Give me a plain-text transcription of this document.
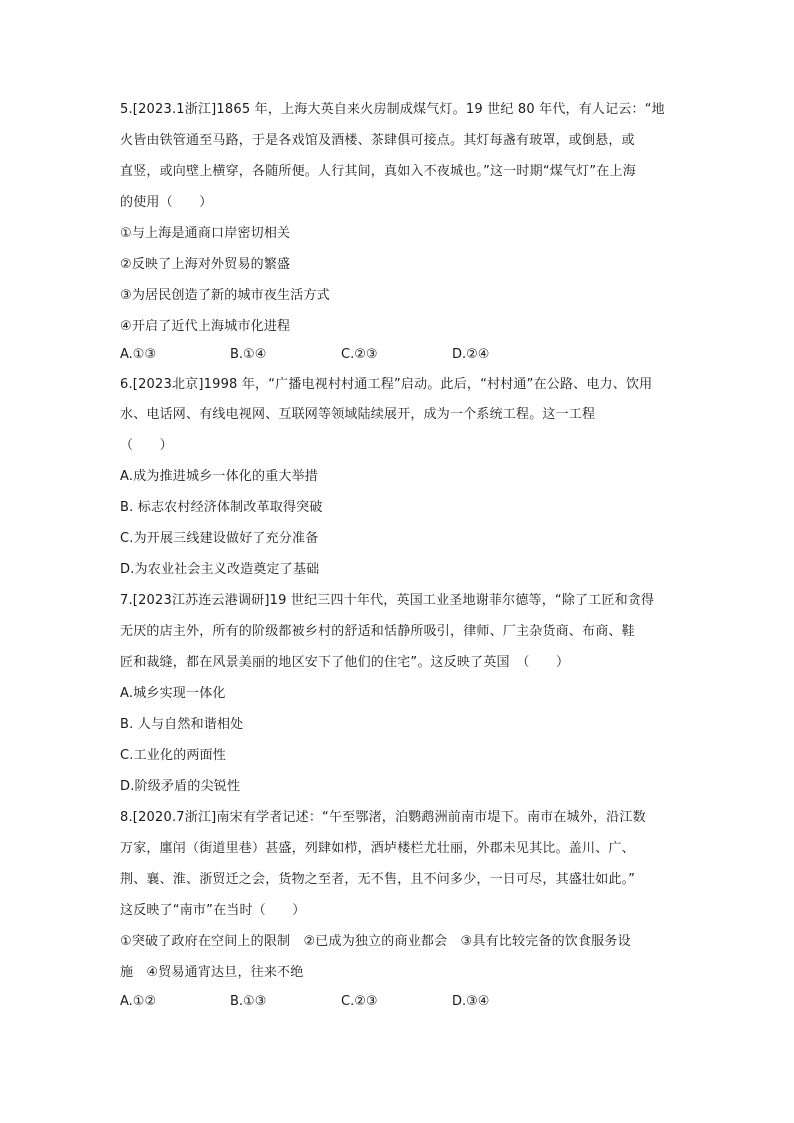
5.[2023.1浙江]1865 年，上海大英自来火房制成煤气灯。19 世纪 80 年代，有人记云：“地
火皆由铁管通至马路，于是各戏馆及酒楼、茶肆俱可接点。其灯每盏有玻罩，或倒悬，或
直竖，或向壁上横穿，各随所便。人行其间，真如入不夜城也。”这一时期“煤气灯”在上海
的使用（　　）
①与上海是通商口岸密切相关
②反映了上海对外贸易的繁盛
③为居民创造了新的城市夜生活方式
④开启了近代上海城市化进程
A.①③	B.①④	C.②③	D.②④
6.[2023北京]1998 年，“广播电视村村通工程”启动。此后，“村村通”在公路、电力、饮用
水、电话网、有线电视网、互联网等领域陆续展开，成为一个系统工程。这一工程
（　　）
A.成为推进城乡一体化的重大举措
B. 标志农村经济体制改革取得突破
C.为开展三线建设做好了充分准备
D.为农业社会主义改造奠定了基础
7.[2023江苏连云港调研]19 世纪三四十年代，英国工业圣地谢菲尔德等，“除了工匠和贪得
无厌的店主外，所有的阶级都被乡村的舒适和恬静所吸引，律师、厂主杂货商、布商、鞋
匠和裁缝，都在风景美丽的地区安下了他们的住宅”。这反映了英国　（　　）
A.城乡实现一体化
B. 人与自然和谐相处
C.工业化的两面性
D.阶级矛盾的尖锐性
8.[2020.7浙江]南宋有学者记述：“午至鄂渚，泊鹦鹉洲前南市堤下。南市在城外，沿江数
万家，廛闬（街道里巷）甚盛，列肆如栉，酒垆楼栏尤壮丽，外郡未见其比。盖川、广、
荆、襄、淮、浙贸迁之会，货物之至者，无不售，且不问多少，一日可尽，其盛壮如此。”
这反映了“南市”在当时（　　）
①突破了政府在空间上的限制　②已成为独立的商业都会　③具有比较完备的饮食服务设
施　④贸易通宵达旦，往来不绝
A.①②	B.①③	C.②③	D.③④
